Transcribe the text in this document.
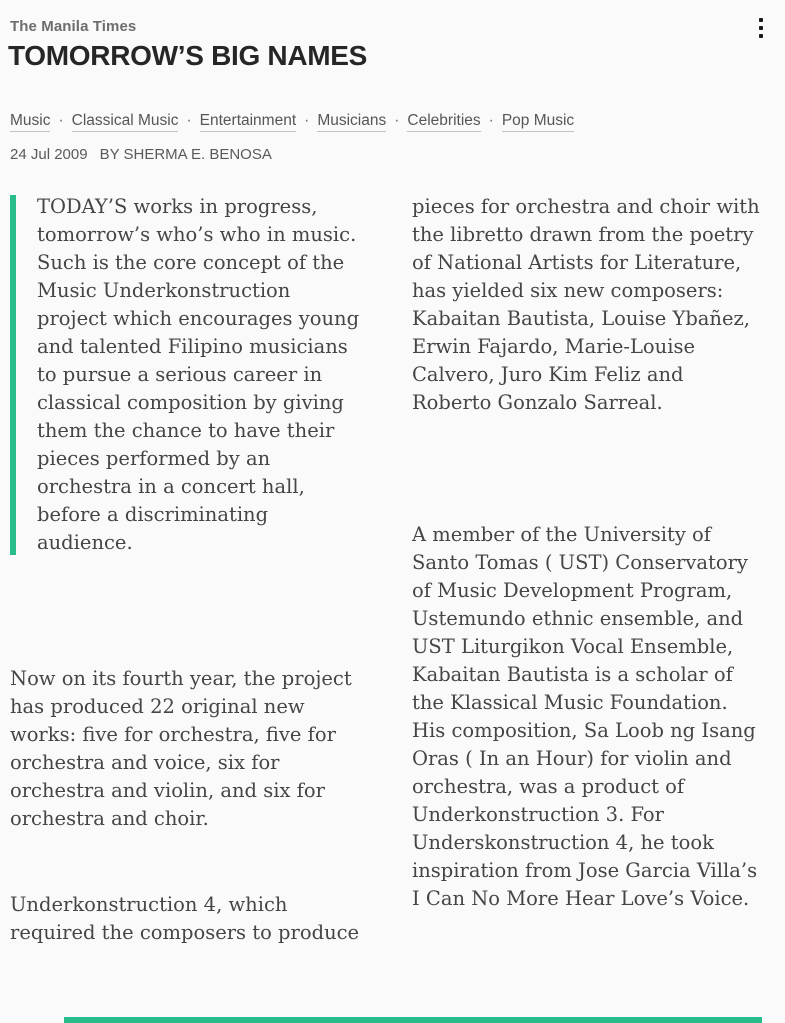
The Manila Times
TOMORROW’S BIG NAMES
Music · Classical Music · Entertainment · Musicians · Celebrities · Pop Music
24 Jul 2009 BY SHERMA E. BENOSA

TODAY’S works in progress, tomorrow’s who’s who in music. Such is the core concept of the Music Underkonstruction project which encourages young and talented Filipino musicians to pursue a serious career in classical composition by giving them the chance to have their pieces performed by an orchestra in a concert hall, before a discriminating audience.

Now on its fourth year, the project has produced 22 original new works: five for orchestra, five for orchestra and voice, six for orchestra and violin, and six for orchestra and choir.

Underkonstruction 4, which required the composers to produce

pieces for orchestra and choir with the libretto drawn from the poetry of National Artists for Literature, has yielded six new composers: Kabaitan Bautista, Louise Ybañez, Erwin Fajardo, Marie-Louise Calvero, Juro Kim Feliz and Roberto Gonzalo Sarreal.

A member of the University of Santo Tomas ( UST) Conservatory of Music Development Program, Ustemundo ethnic ensemble, and UST Liturgikon Vocal Ensemble, Kabaitan Bautista is a scholar of the Klassical Music Foundation. His composition, Sa Loob ng Isang Oras ( In an Hour) for violin and orchestra, was a product of Underkonstruction 3. For Underskonstruction 4, he took inspiration from Jose Garcia Villa’s I Can No More Hear Love’s Voice.
